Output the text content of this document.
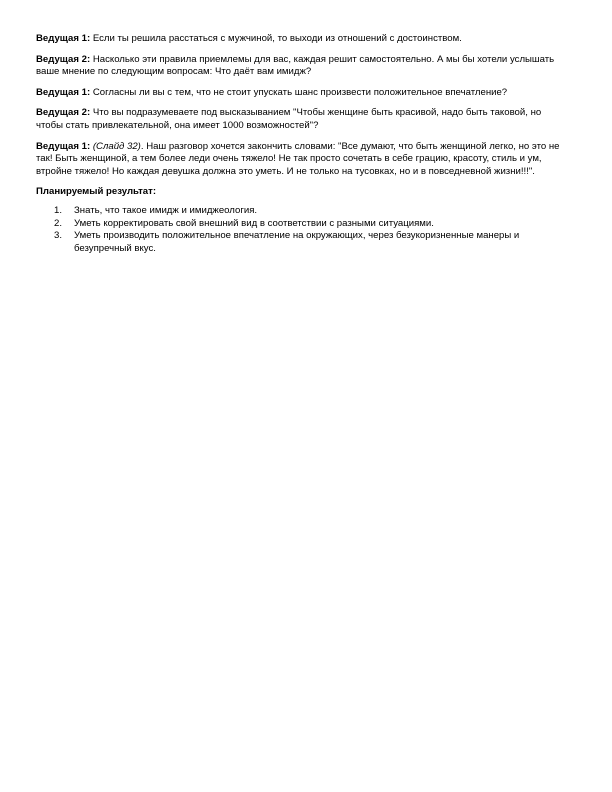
Ведущая 1: Если ты решила расстаться с мужчиной, то выходи из отношений с достоинством.

Ведущая 2: Насколько эти правила приемлемы для вас, каждая решит самостоятельно. А мы бы хотели услышать ваше мнение по следующим вопросам: Что даёт вам имидж?

Ведущая 1: Согласны ли вы с тем, что не стоит упускать шанс произвести положительное впечатление?

Ведущая 2: Что вы подразумеваете под высказыванием "Чтобы женщине быть красивой, надо быть таковой, но чтобы стать привлекательной, она имеет 1000 возможностей"?

Ведущая 1: (Слайд 32). Наш разговор хочется закончить словами: "Все думают, что быть женщиной легко, но это не так! Быть женщиной, а тем более леди очень тяжело! Не так просто сочетать в себе грацию, красоту, стиль и ум, втройне тяжело! Но каждая девушка должна это уметь. И не только на тусовках, но и в повседневной жизни!!!".

Планируемый результат:

1. Знать, что такое имидж и имиджеология.
2. Уметь корректировать свой внешний вид в соответствии с разными ситуациями.
3. Уметь производить положительное впечатление на окружающих, через безукоризненные манеры и безупречный вкус.
